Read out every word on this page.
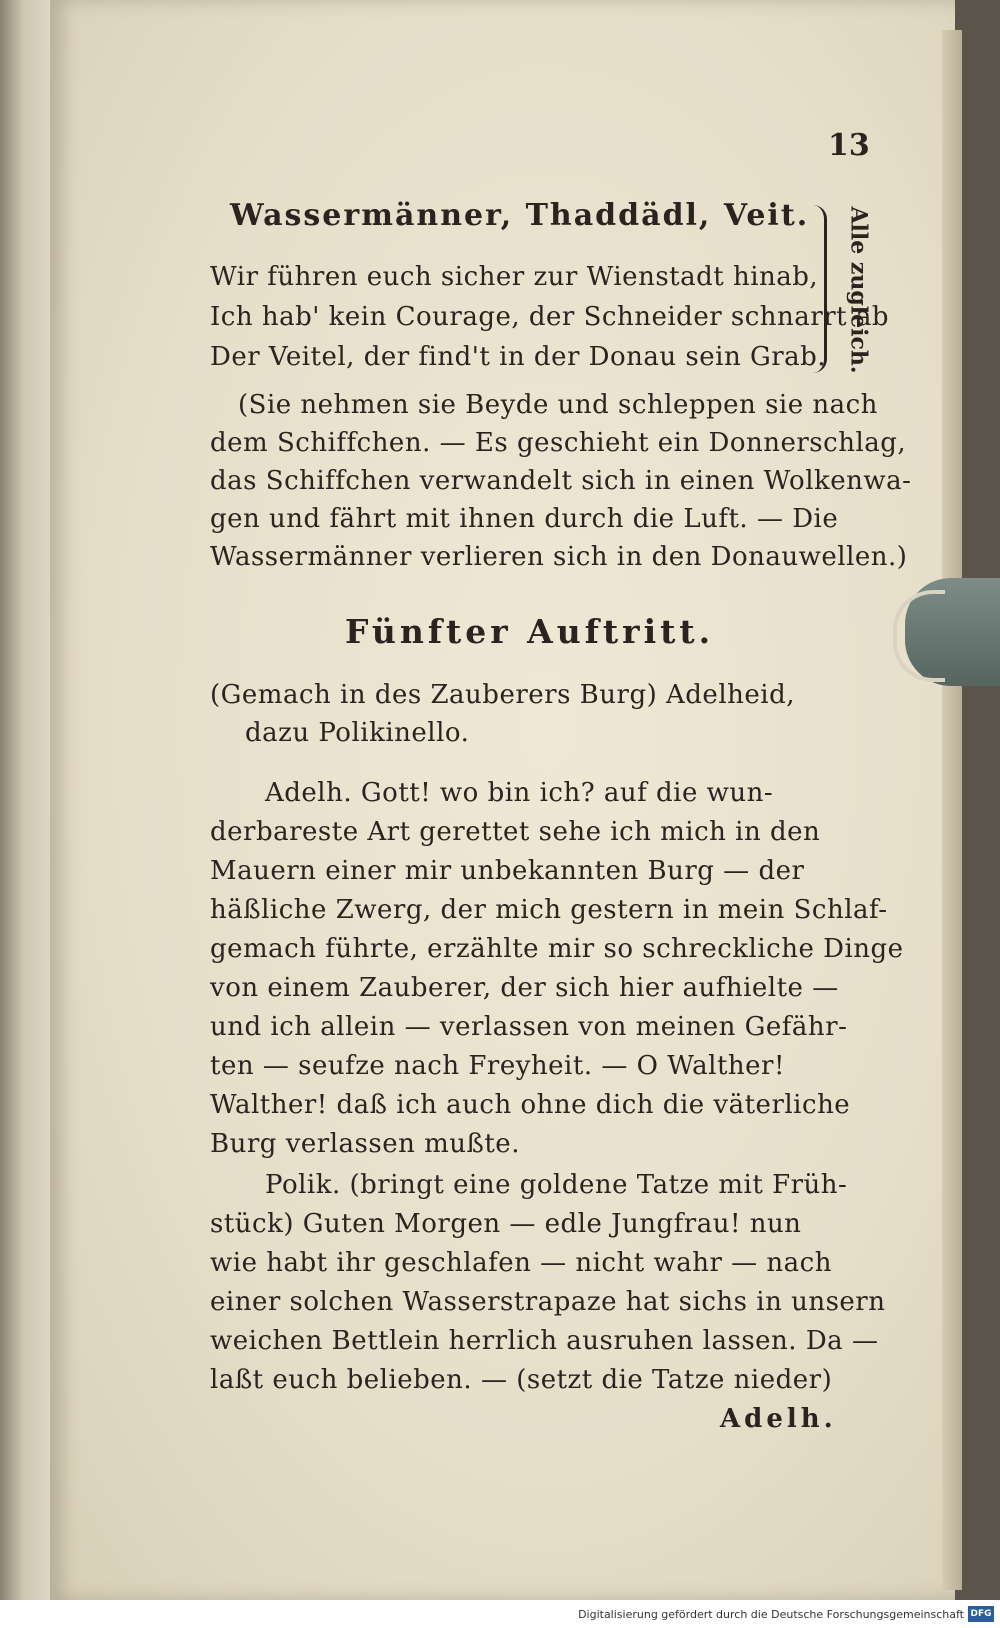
13
Wassermänner, Thaddädl, Veit. Alle zugleich.
Wir führen euch sicher zur Wienstadt hinab,
Ich hab' kein Courage, der Schneider schnarrt ab
Der Veitel, der find't in der Donau sein Grab.
(Sie nehmen sie Beyde und schleppen sie nach
dem Schiffchen. — Es geschieht ein Donnerschlag,
das Schiffchen verwandelt sich in einen Wolkenwa-
gen und fährt mit ihnen durch die Luft. — Die
Wassermänner verlieren sich in den Donauwellen.)
Fünfter Auftritt.
(Gemach in des Zauberers Burg) Adelheid,
dazu Polikinello.
Adelh. Gott! wo bin ich? auf die wun-
derbareste Art gerettet sehe ich mich in den
Mauern einer mir unbekannten Burg — der
häßliche Zwerg, der mich gestern in mein Schlaf-
gemach führte, erzählte mir so schreckliche Dinge
von einem Zauberer, der sich hier aufhielte —
und ich allein — verlassen von meinen Gefähr-
ten — seufze nach Freyheit. — O Walther!
Walther! daß ich auch ohne dich die väterliche
Burg verlassen mußte.
Polik. (bringt eine goldene Tatze mit Früh-
stück) Guten Morgen — edle Jungfrau! nun
wie habt ihr geschlafen — nicht wahr — nach
einer solchen Wasserstrapaze hat sichs in unsern
weichen Bettlein herrlich ausruhen lassen. Da —
laßt euch belieben. — (setzt die Tatze nieder)
Adelh.
Digitalisierung gefördert durch die Deutsche Forschungsgemeinschaft DFG
